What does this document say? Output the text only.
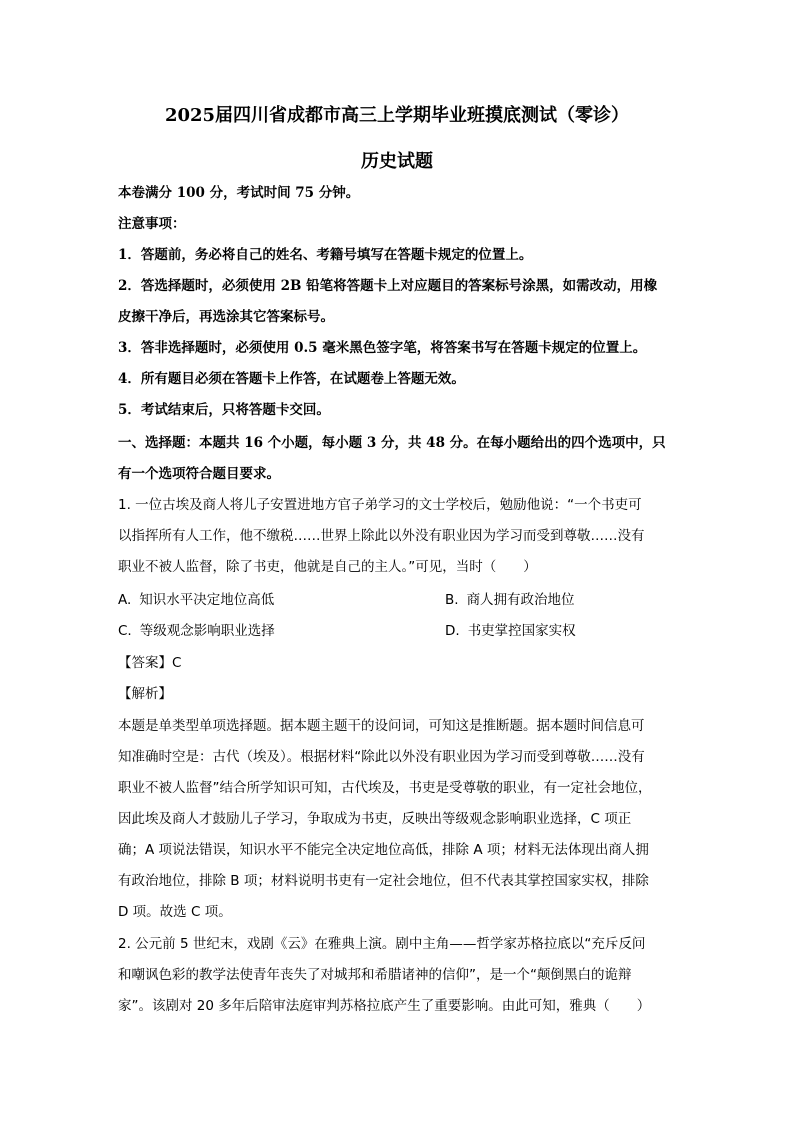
2025届四川省成都市高三上学期毕业班摸底测试（零诊）
历史试题
本卷满分 100 分，考试时间 75 分钟。
注意事项：
1．答题前，务必将自己的姓名、考籍号填写在答题卡规定的位置上。
2．答选择题时，必须使用 2B 铅笔将答题卡上对应题目的答案标号涂黑，如需改动，用橡
皮擦干净后，再选涂其它答案标号。
3．答非选择题时，必须使用 0.5 毫米黑色签字笔，将答案书写在答题卡规定的位置上。
4．所有题目必须在答题卡上作答，在试题卷上答题无效。
5．考试结束后，只将答题卡交回。
一、选择题：本题共 16 个小题，每小题 3 分，共 48 分。在每小题给出的四个选项中，只
有一个选项符合题目要求。
1. 一位古埃及商人将儿子安置进地方官子弟学习的文士学校后，勉励他说：“一个书吏可
以指挥所有人工作，他不缴税……世界上除此以外没有职业因为学习而受到尊敬……没有
职业不被人监督，除了书吏，他就是自己的主人。”可见，当时（　　）
A. 知识水平决定地位高低	B. 商人拥有政治地位
C. 等级观念影响职业选择	D. 书吏掌控国家实权
【答案】C
【解析】
本题是单类型单项选择题。据本题主题干的设问词，可知这是推断题。据本题时间信息可
知准确时空是：古代（埃及）。根据材料“除此以外没有职业因为学习而受到尊敬……没有
职业不被人监督”结合所学知识可知，古代埃及，书吏是受尊敬的职业，有一定社会地位，
因此埃及商人才鼓励儿子学习，争取成为书吏，反映出等级观念影响职业选择，C 项正
确；A 项说法错误，知识水平不能完全决定地位高低，排除 A 项；材料无法体现出商人拥
有政治地位，排除 B 项；材料说明书吏有一定社会地位，但不代表其掌控国家实权，排除
D 项。故选 C 项。
2. 公元前 5 世纪末，戏剧《云》在雅典上演。剧中主角——哲学家苏格拉底以“充斥反问
和嘲讽色彩的教学法使青年丧失了对城邦和希腊诸神的信仰”，是一个“颠倒黑白的诡辩
家”。该剧对 20 多年后陪审法庭审判苏格拉底产生了重要影响。由此可知，雅典（　　）
